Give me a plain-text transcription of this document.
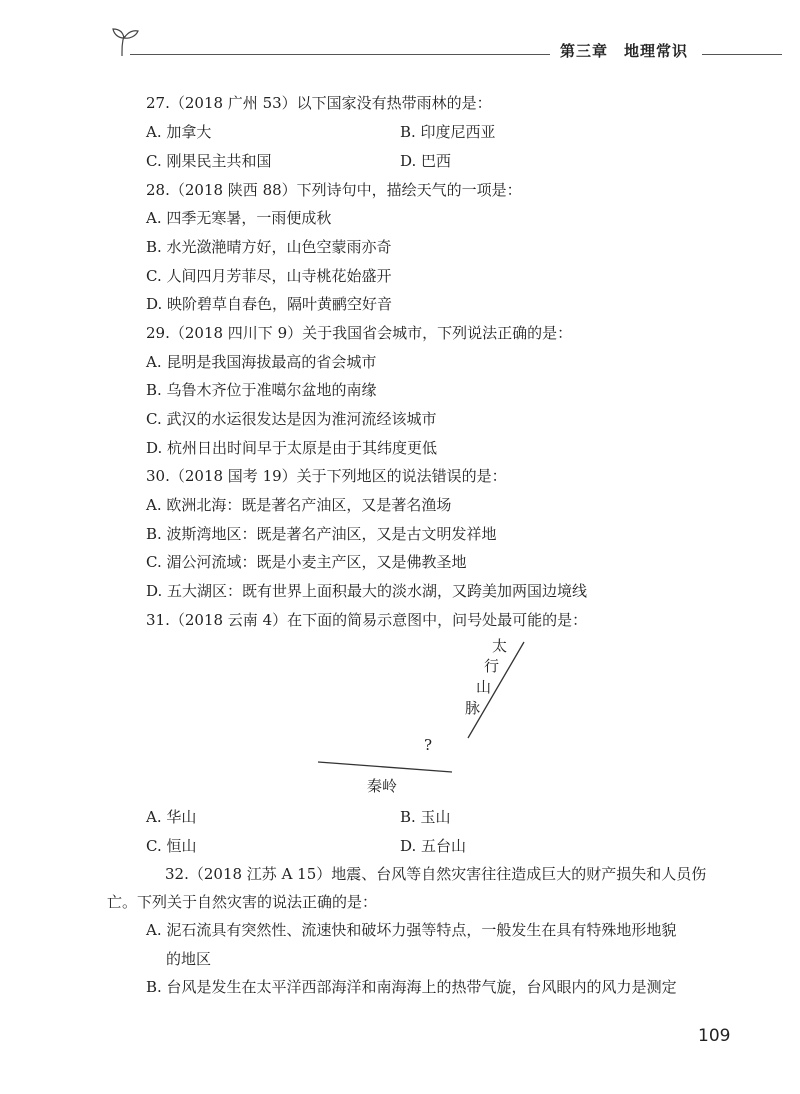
第三章　地理常识
27.（2018 广州 53）以下国家没有热带雨林的是：
A. 加拿大	B. 印度尼西亚
C. 刚果民主共和国	D. 巴西
28.（2018 陕西 88）下列诗句中，描绘天气的一项是：
A. 四季无寒暑，一雨便成秋
B. 水光潋滟晴方好，山色空蒙雨亦奇
C. 人间四月芳菲尽，山寺桃花始盛开
D. 映阶碧草自春色，隔叶黄鹂空好音
29.（2018 四川下 9）关于我国省会城市，下列说法正确的是：
A. 昆明是我国海拔最高的省会城市
B. 乌鲁木齐位于准噶尔盆地的南缘
C. 武汉的水运很发达是因为淮河流经该城市
D. 杭州日出时间早于太原是由于其纬度更低
30.（2018 国考 19）关于下列地区的说法错误的是：
A. 欧洲北海：既是著名产油区，又是著名渔场
B. 波斯湾地区：既是著名产油区，又是古文明发祥地
C. 湄公河流域：既是小麦主产区，又是佛教圣地
D. 五大湖区：既有世界上面积最大的淡水湖，又跨美加两国边境线
31.（2018 云南 4）在下面的简易示意图中，问号处最可能的是：
太
行
山
脉
?
秦岭
A. 华山	B. 玉山
C. 恒山	D. 五台山
32.（2018 江苏 A 15）地震、台风等自然灾害往往造成巨大的财产损失和人员伤
亡。下列关于自然灾害的说法正确的是：
A. 泥石流具有突然性、流速快和破坏力强等特点，一般发生在具有特殊地形地貌
的地区
B. 台风是发生在太平洋西部海洋和南海海上的热带气旋，台风眼内的风力是测定
109
